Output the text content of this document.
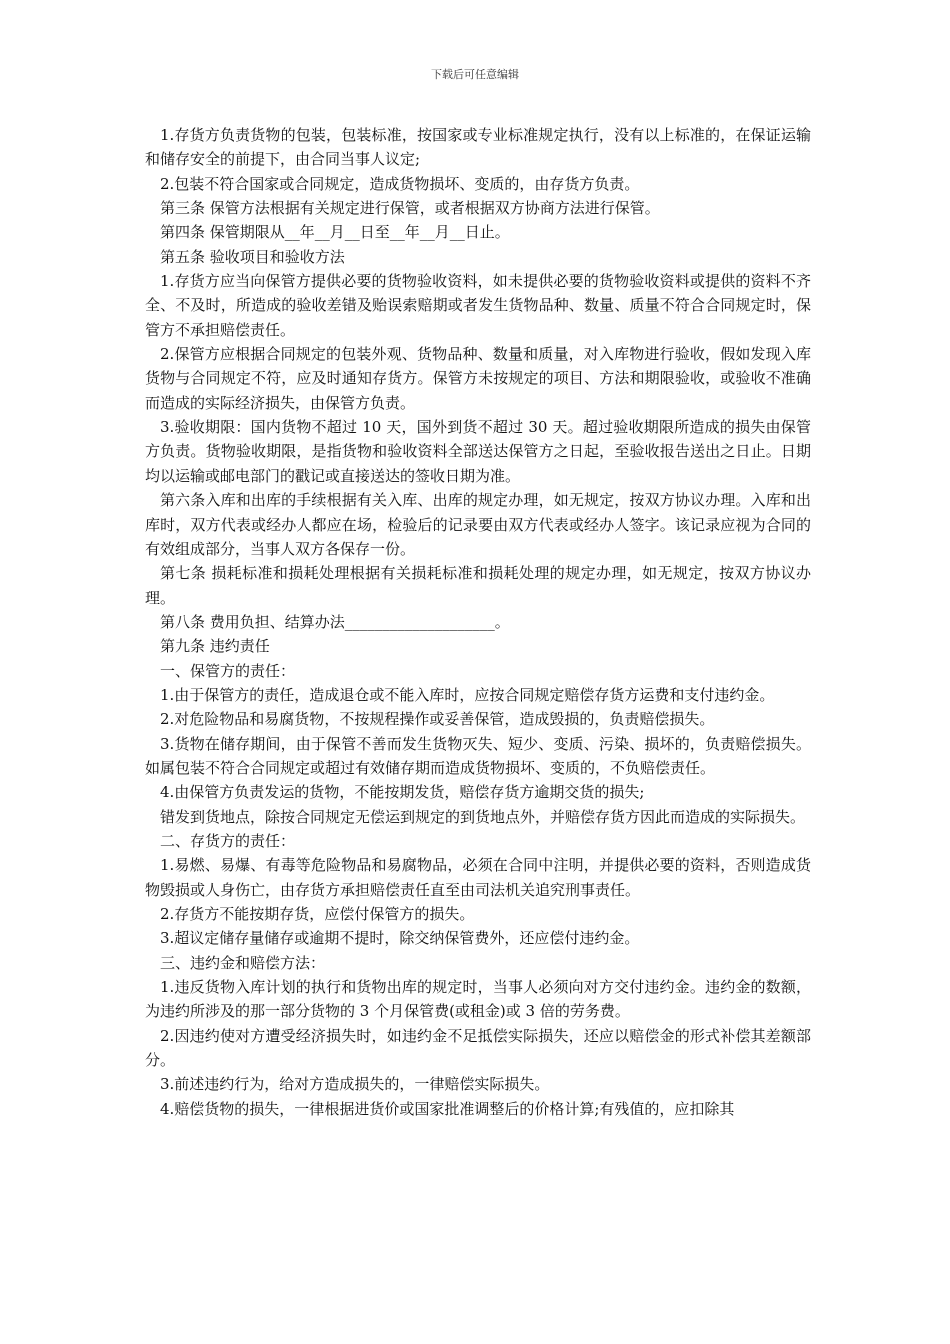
下载后可任意编辑

1.存货方负责货物的包装，包装标准，按国家或专业标准规定执行，没有以上标准的，在保证运输和储存安全的前提下，由合同当事人议定;

2.包装不符合国家或合同规定，造成货物损坏、变质的，由存货方负责。

第三条 保管方法根据有关规定进行保管，或者根据双方协商方法进行保管。

第四条 保管期限从__年__月__日至__年__月__日止。

第五条 验收项目和验收方法

1.存货方应当向保管方提供必要的货物验收资料，如未提供必要的货物验收资料或提供的资料不齐全、不及时，所造成的验收差错及贻误索赔期或者发生货物品种、数量、质量不符合合同规定时，保管方不承担赔偿责任。

2.保管方应根据合同规定的包装外观、货物品种、数量和质量，对入库物进行验收，假如发现入库货物与合同规定不符，应及时通知存货方。保管方未按规定的项目、方法和期限验收，或验收不准确而造成的实际经济损失，由保管方负责。

3.验收期限：国内货物不超过 10 天，国外到货不超过 30 天。超过验收期限所造成的损失由保管方负责。货物验收期限，是指货物和验收资料全部送达保管方之日起，至验收报告送出之日止。日期均以运输或邮电部门的戳记或直接送达的签收日期为准。

第六条入库和出库的手续根据有关入库、出库的规定办理，如无规定，按双方协议办理。入库和出库时，双方代表或经办人都应在场，检验后的记录要由双方代表或经办人签字。该记录应视为合同的有效组成部分，当事人双方各保存一份。

第七条 损耗标准和损耗处理根据有关损耗标准和损耗处理的规定办理，如无规定，按双方协议办理。

第八条 费用负担、结算办法____________________。

第九条 违约责任

一、保管方的责任：

1.由于保管方的责任，造成退仓或不能入库时，应按合同规定赔偿存货方运费和支付违约金。

2.对危险物品和易腐货物，不按规程操作或妥善保管，造成毁损的，负责赔偿损失。

3.货物在储存期间，由于保管不善而发生货物灭失、短少、变质、污染、损坏的，负责赔偿损失。如属包装不符合合同规定或超过有效储存期而造成货物损坏、变质的，不负赔偿责任。

4.由保管方负责发运的货物，不能按期发货，赔偿存货方逾期交货的损失;

错发到货地点，除按合同规定无偿运到规定的到货地点外，并赔偿存货方因此而造成的实际损失。

二、存货方的责任：

1.易燃、易爆、有毒等危险物品和易腐物品，必须在合同中注明，并提供必要的资料，否则造成货物毁损或人身伤亡，由存货方承担赔偿责任直至由司法机关追究刑事责任。

2.存货方不能按期存货，应偿付保管方的损失。

3.超议定储存量储存或逾期不提时，除交纳保管费外，还应偿付违约金。

三、违约金和赔偿方法：

1.违反货物入库计划的执行和货物出库的规定时，当事人必须向对方交付违约金。违约金的数额，为违约所涉及的那一部分货物的 3 个月保管费(或租金)或 3 倍的劳务费。

2.因违约使对方遭受经济损失时，如违约金不足抵偿实际损失，还应以赔偿金的形式补偿其差额部分。

3.前述违约行为，给对方造成损失的，一律赔偿实际损失。

4.赔偿货物的损失，一律根据进货价或国家批准调整后的价格计算;有残值的，应扣除其
